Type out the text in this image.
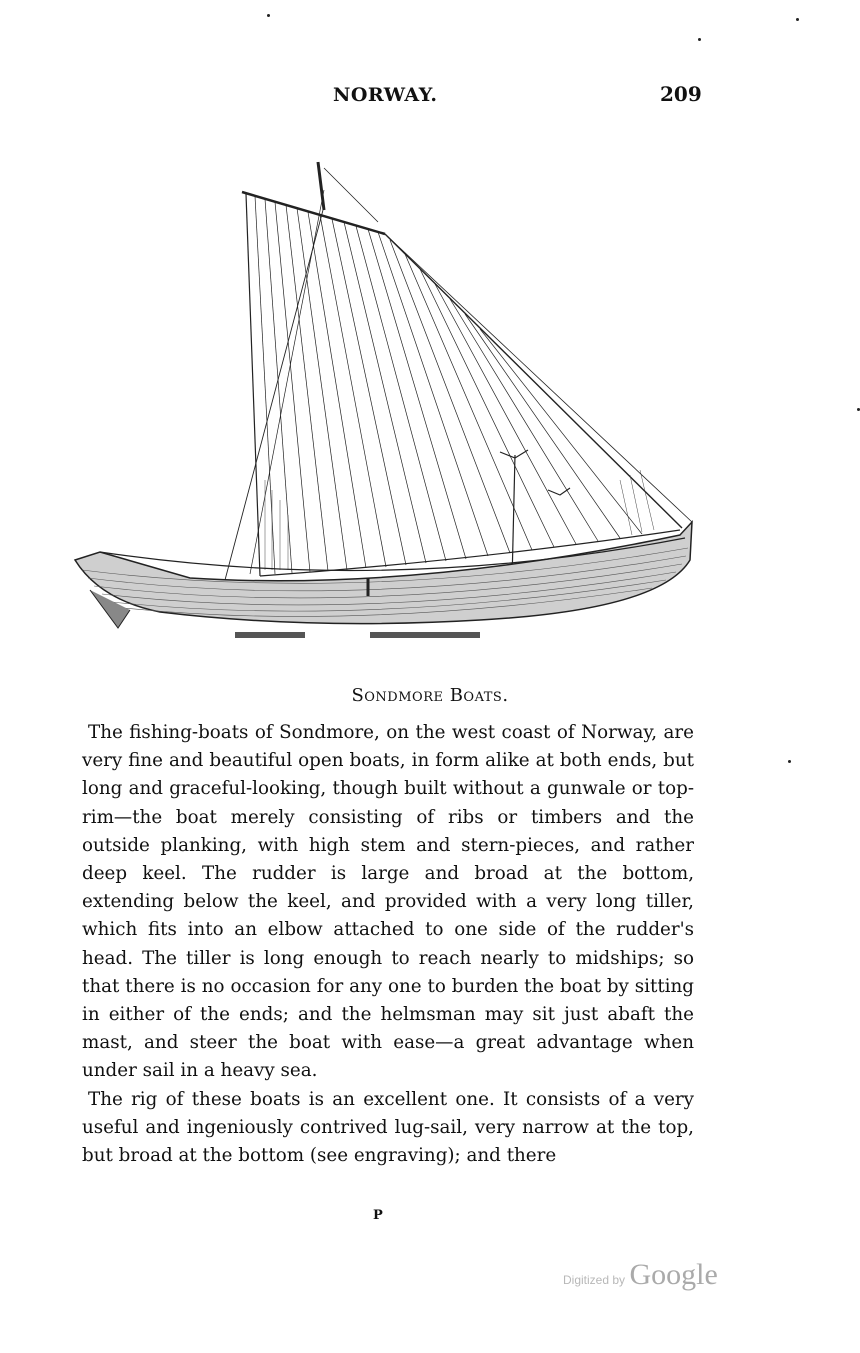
NORWAY.	209
Sondmore Boats.

The fishing-boats of Sondmore, on the west coast of Norway, are very fine and beautiful open boats, in form alike at both ends, but long and graceful-looking, though built without a gunwale or top-rim—the boat merely consisting of ribs or timbers and the outside planking, with high stem and stern-pieces, and rather deep keel. The rudder is large and broad at the bottom, extending below the keel, and provided with a very long tiller, which fits into an elbow attached to one side of the rudder's head. The tiller is long enough to reach nearly to midships; so that there is no occasion for any one to burden the boat by sitting in either of the ends; and the helmsman may sit just abaft the mast, and steer the boat with ease—a great advantage when under sail in a heavy sea.

The rig of these boats is an excellent one. It consists of a very useful and ingeniously contrived lug-sail, very narrow at the top, but broad at the bottom (see engraving); and there

P
Digitized by Google
